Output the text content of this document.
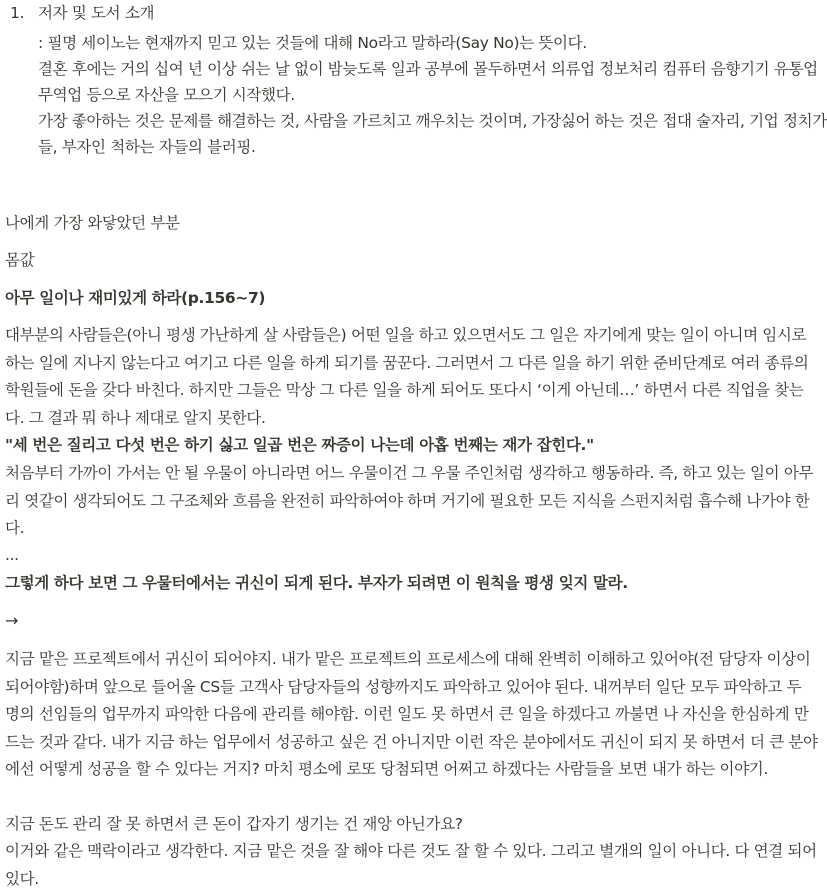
1. 저자 및 도서 소개
: 필명 세이노는 현재까지 믿고 있는 것들에 대해 No라고 말하라(Say No)는 뜻이다.
결혼 후에는 거의 십여 년 이상 쉬는 날 없이 밤늦도록 일과 공부에 몰두하면서 의류업 정보처리 컴퓨터 음향기기 유통업 무역업 등으로 자산을 모으기 시작했다.
가장 좋아하는 것은 문제를 해결하는 것, 사람을 가르치고 깨우치는 것이며, 가장싫어 하는 것은 접대 술자리, 기업 정치가들, 부자인 척하는 자들의 블러핑.
나에게 가장 와닿았던 부분
몸값
아무 일이나 재미있게 하라(p.156~7)
대부분의 사람들은(아니 평생 가난하게 살 사람들은) 어떤 일을 하고 있으면서도 그 일은 자기에게 맞는 일이 아니며 임시로 하는 일에 지나지 않는다고 여기고 다른 일을 하게 되기를 꿈꾼다. 그러면서 그 다른 일을 하기 위한 준비단계로 여러 종류의 학원들에 돈을 갖다 바친다. 하지만 그들은 막상 그 다른 일을 하게 되어도 또다시 ‘이게 아닌데…’ 하면서 다른 직업을 찾는다. 그 결과 뭐 하나 제대로 알지 못한다.
"세 번은 질리고 다섯 번은 하기 싫고 일곱 번은 짜증이 나는데 아홉 번째는 재가 잡힌다."
처음부터 가까이 가서는 안 될 우물이 아니라면 어느 우물이건 그 우물 주인처럼 생각하고 행동하라. 즉, 하고 있는 일이 아무리 엿같이 생각되어도 그 구조체와 흐름을 완전히 파악하여야 하며 거기에 필요한 모든 지식을 스펀지처럼 흡수해 나가야 한다.
...
그렇게 하다 보면 그 우물터에서는 귀신이 되게 된다. 부자가 되려면 이 원칙을 평생 잊지 말라.
→
지금 맡은 프로젝트에서 귀신이 되어야지. 내가 맡은 프로젝트의 프로세스에 대해 완벽히 이해하고 있어야(전 담당자 이상이 되어야함)하며 앞으로 들어올 CS들 고객사 담당자들의 성향까지도 파악하고 있어야 된다. 내꺼부터 일단 모두 파악하고 두 명의 선임들의 업무까지 파악한 다음에 관리를 해야함. 이런 일도 못 하면서 큰 일을 하겠다고 까불면 나 자신을 한심하게 만드는 것과 같다. 내가 지금 하는 업무에서 성공하고 싶은 건 아니지만 이런 작은 분야에서도 귀신이 되지 못 하면서 더 큰 분야에선 어떻게 성공을 할 수 있다는 거지? 마치 평소에 로또 당첨되면 어쩌고 하겠다는 사람들을 보면 내가 하는 이야기.
지금 돈도 관리 잘 못 하면서 큰 돈이 갑자기 생기는 건 재앙 아닌가요?
이거와 같은 맥락이라고 생각한다. 지금 맡은 것을 잘 해야 다른 것도 잘 할 수 있다. 그리고 별개의 일이 아니다. 다 연결 되어 있다.
